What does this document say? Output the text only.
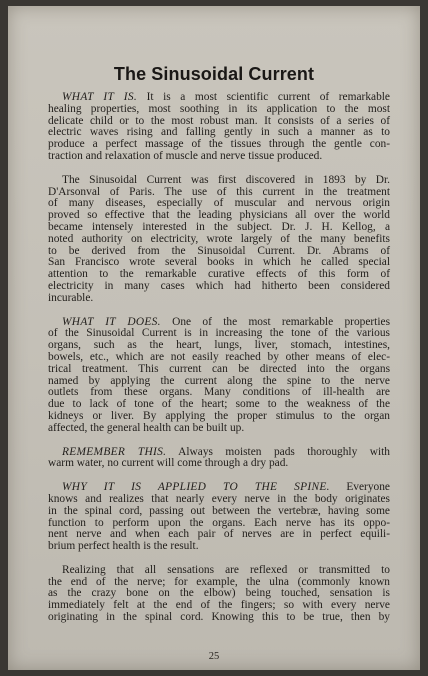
The Sinusoidal Current
WHAT IT IS. It is a most scientific current of remarkable
healing properties, most soothing in its application to the most
delicate child or to the most robust man. It consists of a series of
electric waves rising and falling gently in such a manner as to
produce a perfect massage of the tissues through the gentle con-
traction and relaxation of muscle and nerve tissue produced.
The Sinusoidal Current was first discovered in 1893 by Dr.
D'Arsonval of Paris. The use of this current in the treatment
of many diseases, especially of muscular and nervous origin
proved so effective that the leading physicians all over the world
became intensely interested in the subject. Dr. J. H. Kellog, a
noted authority on electricity, wrote largely of the many benefits
to be derived from the Sinusoidal Current. Dr. Abrams of
San Francisco wrote several books in which he called special
attention to the remarkable curative effects of this form of
electricity in many cases which had hitherto been considered
incurable.
WHAT IT DOES. One of the most remarkable properties
of the Sinusoidal Current is in increasing the tone of the various
organs, such as the heart, lungs, liver, stomach, intestines,
bowels, etc., which are not easily reached by other means of elec-
trical treatment. This current can be directed into the organs
named by applying the current along the spine to the nerve
outlets from these organs. Many conditions of ill-health are
due to lack of tone of the heart; some to the weakness of the
kidneys or liver. By applying the proper stimulus to the organ
affected, the general health can be built up.
REMEMBER THIS. Always moisten pads thoroughly with
warm water, no current will come through a dry pad.
WHY IT IS APPLIED TO THE SPINE. Everyone
knows and realizes that nearly every nerve in the body originates
in the spinal cord, passing out between the vertebræ, having some
function to perform upon the organs. Each nerve has its oppo-
nent nerve and when each pair of nerves are in perfect equili-
brium perfect health is the result.
Realizing that all sensations are reflexed or transmitted to
the end of the nerve; for example, the ulna (commonly known
as the crazy bone on the elbow) being touched, sensation is
immediately felt at the end of the fingers; so with every nerve
originating in the spinal cord. Knowing this to be true, then by
25
